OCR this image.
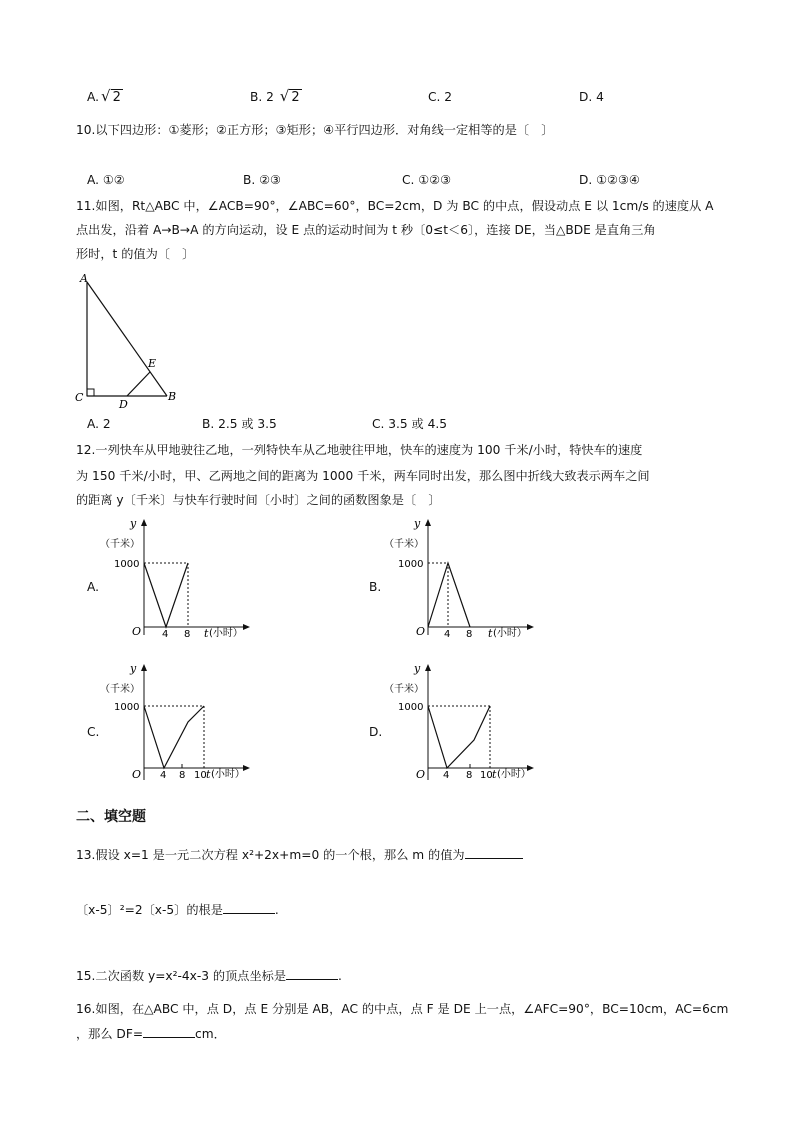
A. √ 2	B. 2 √ 2	C. 2	D. 4
10.以下四边形：①菱形；②正方形；③矩形；④平行四边形．对角线一定相等的是〔　〕
A. ①②	B. ②③	C. ①②③	D. ①②③④
11.如图，Rt△ABC 中，∠ACB=90°，∠ABC=60°，BC=2cm，D 为 BC 的中点，假设动点 E 以 1cm/s 的速度从 A
点出发，沿着 A→B→A 的方向运动，设 E 点的运动时间为 t 秒〔0≤t＜6〕，连接 DE，当△BDE 是直角三角
形时，t 的值为〔　〕
A
C
D
E
B
A. 2	B. 2.5 或 3.5	C. 3.5 或 4.5
12.一列快车从甲地驶往乙地，一列特快车从乙地驶往甲地，快车的速度为 100 千米/小时，特快车的速度
为 150 千米/小时，甲、乙两地之间的距离为 1000 千米，两车同时出发，那么图中折线大致表示两车之间
的距离 y〔千米〕与快车行驶时间〔小时〕之间的函数图象是〔　〕
A.
y
（千米）
1000
O 4 8 t (小时）
B.
y
（千米）
1000
O 4 8 t (小时）
C.
y
（千米）
1000
O 4 8 10 t (小时）
D.
y
（千米）
1000
O 4 8 10 t (小时）
二、填空题
13.假设 x=1 是一元二次方程 x²+2x+m=0 的一个根，那么 m 的值为
〔x-5〕²=2〔x-5〕的根是	.
15.二次函数 y=x²-4x-3 的顶点坐标是	.
16.如图，在△ABC 中，点 D，点 E 分别是 AB，AC 的中点，点 F 是 DE 上一点，∠AFC=90°，BC=10cm，AC=6cm
，那么 DF=	cm．
